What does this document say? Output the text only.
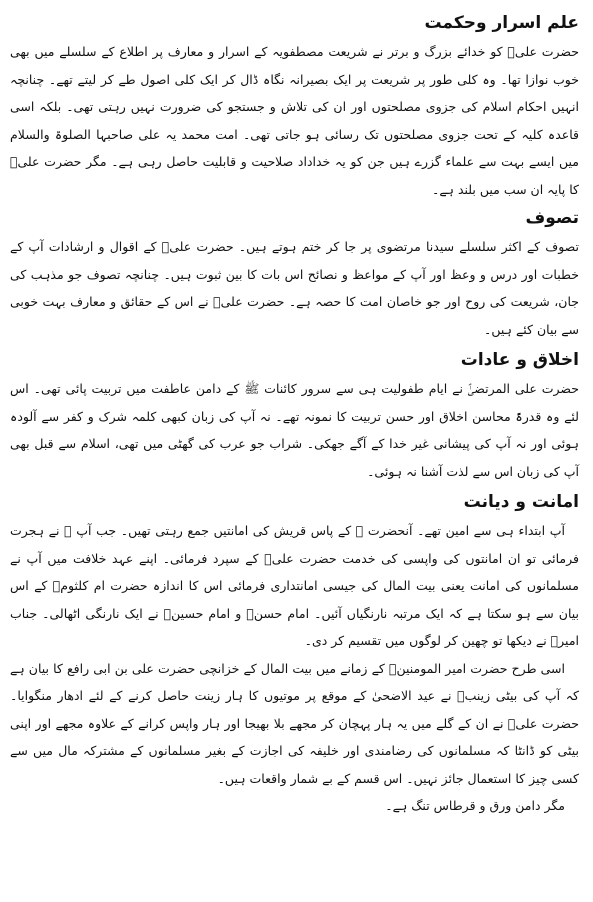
علم اسرار وحکمت

حضرت علیؑ کو خدائے بزرگ و برتر نے شریعت مصطفویہ کے اسرار و معارف پر اطلاع کے سلسلے میں بھی خوب نوازا تھا۔ وہ کلی طور پر شریعت پر ایک بصیرانہ نگاہ ڈال کر ایک کلی اصول طے کر لیتے تھے۔ چنانچہ انہیں احکام اسلام کی جزوی مصلحتوں اور ان کی تلاش و جستجو کی ضرورت نہیں رہتی تھی۔ بلکہ اسی قاعدہ کلیہ کے تحت جزوی مصلحتوں تک رسائی ہو جاتی تھی۔ امت محمد یہ علی صاحبہا الصلوۃ والسلام میں ایسے بہت سے علماء گزرے ہیں جن کو یہ خداداد صلاحیت و قابلیت حاصل رہی ہے۔ مگر حضرت علیؑ کا پایہ ان سب میں بلند ہے۔

تصوف

تصوف کے اکثر سلسلے سیدنا مرتضوی پر جا کر ختم ہوتے ہیں۔ حضرت علیؑ کے اقوال و ارشادات آپ کے خطبات اور درس و وعظ اور آپ کے مواعظ و نصائح اس بات کا بین ثبوت ہیں۔ چنانچہ تصوف جو مذہب کی جان، شریعت کی روح اور جو خاصان امت کا حصہ ہے۔ حضرت علیؑ نے اس کے حقائق و معارف بہت خوبی سے بیان کئے ہیں۔

اخلاق و عادات

حضرت علی المرتضیٰؑ نے ایام طفولیت ہی سے سرور کائنات ﷺ کے دامن عاطفت میں تربیت پائی تھی۔ اس لئے وہ قدرۃً محاسن اخلاق اور حسن تربیت کا نمونہ تھے۔ نہ آپ کی زبان کبھی کلمہ شرک و کفر سے آلودہ ہوئی اور نہ آپ کی پیشانی غیر خدا کے آگے جھکی۔ شراب جو عرب کی گھٹی میں تھی، اسلام سے قبل بھی آپ کی زبان اس سے لذت آشنا نہ ہوئی۔

امانت و دیانت

آپ ابتداء ہی سے امین تھے۔ آنحضرت ﷺ کے پاس قریش کی امانتیں جمع رہتی تھیں۔ جب آپ ﷺ نے ہجرت فرمائی تو ان امانتوں کی واپسی کی خدمت حضرت علیؑ کے سپرد فرمائی۔ اپنے عہد خلافت میں آپ نے مسلمانوں کی امانت یعنی بیت المال کی جیسی امانتداری فرمائی اس کا اندازہ حضرت ام کلثومؓ کے اس بیان سے ہو سکتا ہے کہ ایک مرتبہ نارنگیاں آئیں۔ امام حسنؓ و امام حسینؓ نے ایک نارنگی اٹھالی۔ جناب امیرؓ نے دیکھا تو چھین کر لوگوں میں تقسیم کر دی۔

اسی طرح حضرت امیر المومنینؓ کے زمانے میں بیت المال کے خزانچی حضرت علی بن ابی رافع کا بیان ہے کہ آپ کی بیٹی زینبؓ نے عید الاضحیٰ کے موقع پر موتیوں کا ہار زینت حاصل کرنے کے لئے ادھار منگوایا۔ حضرت علیؑ نے ان کے گلے میں یہ ہار پہچان کر مجھے بلا بھیجا اور ہار واپس کرانے کے علاوہ مجھے اور اپنی بیٹی کو ڈانٹا کہ مسلمانوں کی رضامندی اور خلیفہ کی اجازت کے بغیر مسلمانوں کے مشترکہ مال میں سے کسی چیز کا استعمال جائز نہیں۔ اس قسم کے بے شمار واقعات ہیں۔

مگر دامن ورق و قرطاس تنگ ہے۔
